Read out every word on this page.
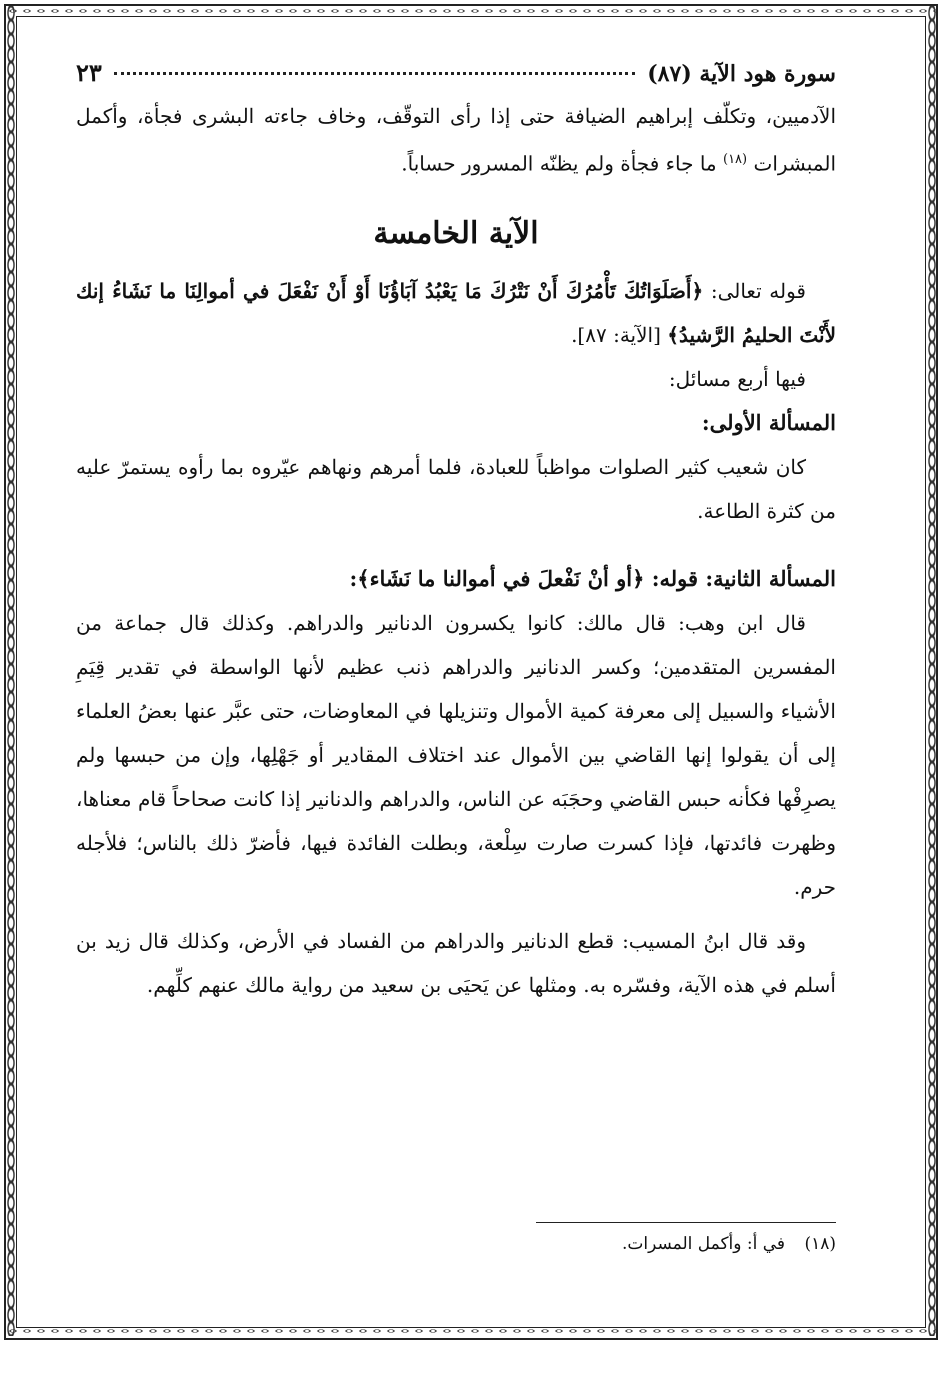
سورة هود الآية (٨٧)
٢٣

الآدميين، وتكلّف إبراهيم الضيافة حتى إذا رأى التوقّف، وخاف جاءته البشرى فجأة، وأكمل المبشرات $^{(١٨)}$ ما جاء فجأة ولم يظنّه المسرور حساباً.

الآية الخامسة

قوله تعالى: ﴿أَصَلَوَاتُكَ تَأْمُرُكَ أَنْ نَتْرُكَ مَا يَعْبُدُ آبَاؤُنَا أَوْ أَنْ نَفْعَلَ في أموالِنَا ما نَشَاءُ إنك لأَنْتَ الحليمُ الرَّشيدُ﴾ [الآية: ٨٧].

فيها أربع مسائل:

المسألة الأولى:

كان شعيب كثير الصلوات مواظباً للعبادة، فلما أمرهم ونهاهم عيّروه بما رأوه يستمرّ عليه من كثرة الطاعة.

المسألة الثانية: قوله: ﴿أو أنْ نَفْعلَ في أموالنا ما نَشَاء﴾:

قال ابن وهب: قال مالك: كانوا يكسرون الدنانير والدراهم. وكذلك قال جماعة من المفسرين المتقدمين؛ وكسر الدنانير والدراهم ذنب عظيم لأنها الواسطة في تقدير قِيَمِ الأشياء والسبيل إلى معرفة كمية الأموال وتنزيلها في المعاوضات، حتى عبَّر عنها بعضُ العلماء إلى أن يقولوا إنها القاضي بين الأموال عند اختلاف المقادير أو جَهْلِها، وإن من حبسها ولم يصرِفْها فكأنه حبس القاضي وحجَبَه عن الناس، والدراهم والدنانير إذا كانت صحاحاً قام معناها، وظهرت فائدتها، فإذا كسرت صارت سِلْعة، وبطلت الفائدة فيها، فأضرّ ذلك بالناس؛ فلأجله حرم.

وقد قال ابنُ المسيب: قطع الدنانير والدراهم من الفساد في الأرض، وكذلك قال زيد بن أسلم في هذه الآية، وفسّره به. ومثلها عن يَحيَى بن سعيد من رواية مالك عنهم كلِّهم.

(١٨) في أ: وأكمل المسرات.
